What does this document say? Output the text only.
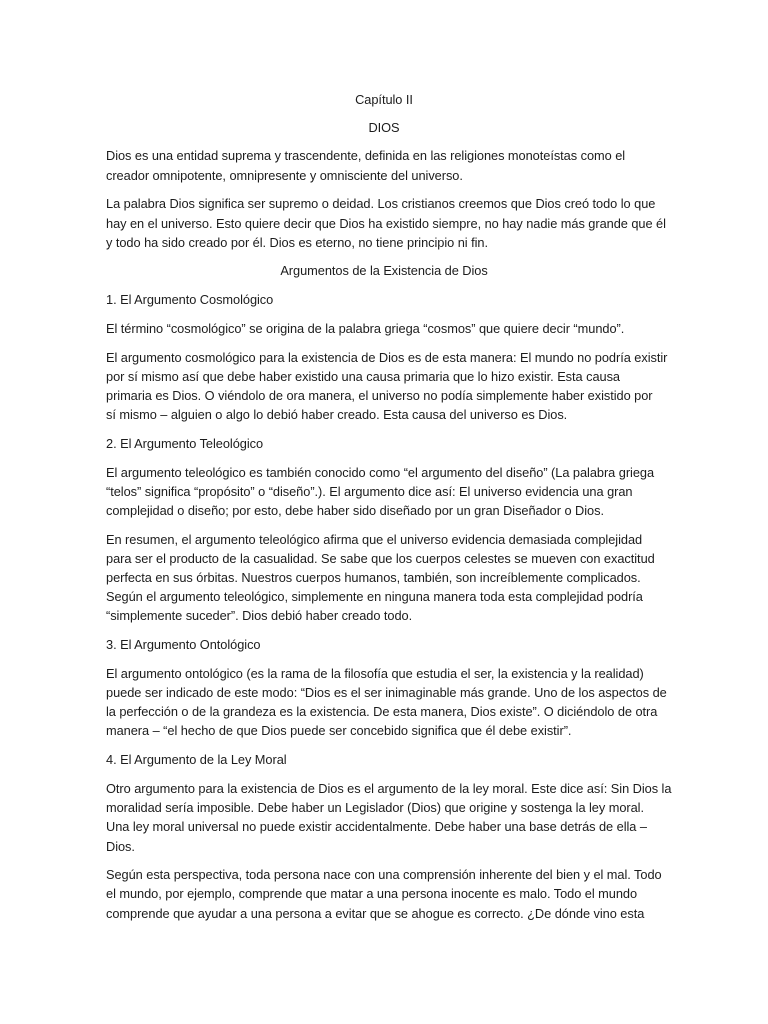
Capítulo II

DIOS

Dios es una entidad suprema y trascendente, definida en las religiones monoteístas como el
creador omnipotente, omnipresente y omnisciente del universo.

La palabra Dios significa ser supremo o deidad. Los cristianos creemos que Dios creó todo lo que
hay en el universo. Esto quiere decir que Dios ha existido siempre, no hay nadie más grande que él
y todo ha sido creado por él. Dios es eterno, no tiene principio ni fin.

Argumentos de la Existencia de Dios

1. El Argumento Cosmológico

El término “cosmológico” se origina de la palabra griega “cosmos” que quiere decir “mundo”.

El argumento cosmológico para la existencia de Dios es de esta manera: El mundo no podría existir
por sí mismo así que debe haber existido una causa primaria que lo hizo existir. Esta causa
primaria es Dios. O viéndolo de ora manera, el universo no podía simplemente haber existido por
sí mismo – alguien o algo lo debió haber creado. Esta causa del universo es Dios.

2. El Argumento Teleológico

El argumento teleológico es también conocido como “el argumento del diseño” (La palabra griega
“telos” significa “propósito” o “diseño”.). El argumento dice así: El universo evidencia una gran
complejidad o diseño; por esto, debe haber sido diseñado por un gran Diseñador o Dios.

En resumen, el argumento teleológico afirma que el universo evidencia demasiada complejidad
para ser el producto de la casualidad. Se sabe que los cuerpos celestes se mueven con exactitud
perfecta en sus órbitas. Nuestros cuerpos humanos, también, son increíblemente complicados.
Según el argumento teleológico, simplemente en ninguna manera toda esta complejidad podría
“simplemente suceder”. Dios debió haber creado todo.

3. El Argumento Ontológico

El argumento ontológico (es la rama de la filosofía que estudia el ser, la existencia y la realidad)
puede ser indicado de este modo: “Dios es el ser inimaginable más grande. Uno de los aspectos de
la perfección o de la grandeza es la existencia. De esta manera, Dios existe”. O diciéndolo de otra
manera – “el hecho de que Dios puede ser concebido significa que él debe existir”.

4. El Argumento de la Ley Moral

Otro argumento para la existencia de Dios es el argumento de la ley moral. Este dice así: Sin Dios la
moralidad sería imposible. Debe haber un Legislador (Dios) que origine y sostenga la ley moral.
Una ley moral universal no puede existir accidentalmente. Debe haber una base detrás de ella –
Dios.

Según esta perspectiva, toda persona nace con una comprensión inherente del bien y el mal. Todo
el mundo, por ejemplo, comprende que matar a una persona inocente es malo. Todo el mundo
comprende que ayudar a una persona a evitar que se ahogue es correcto. ¿De dónde vino esta
